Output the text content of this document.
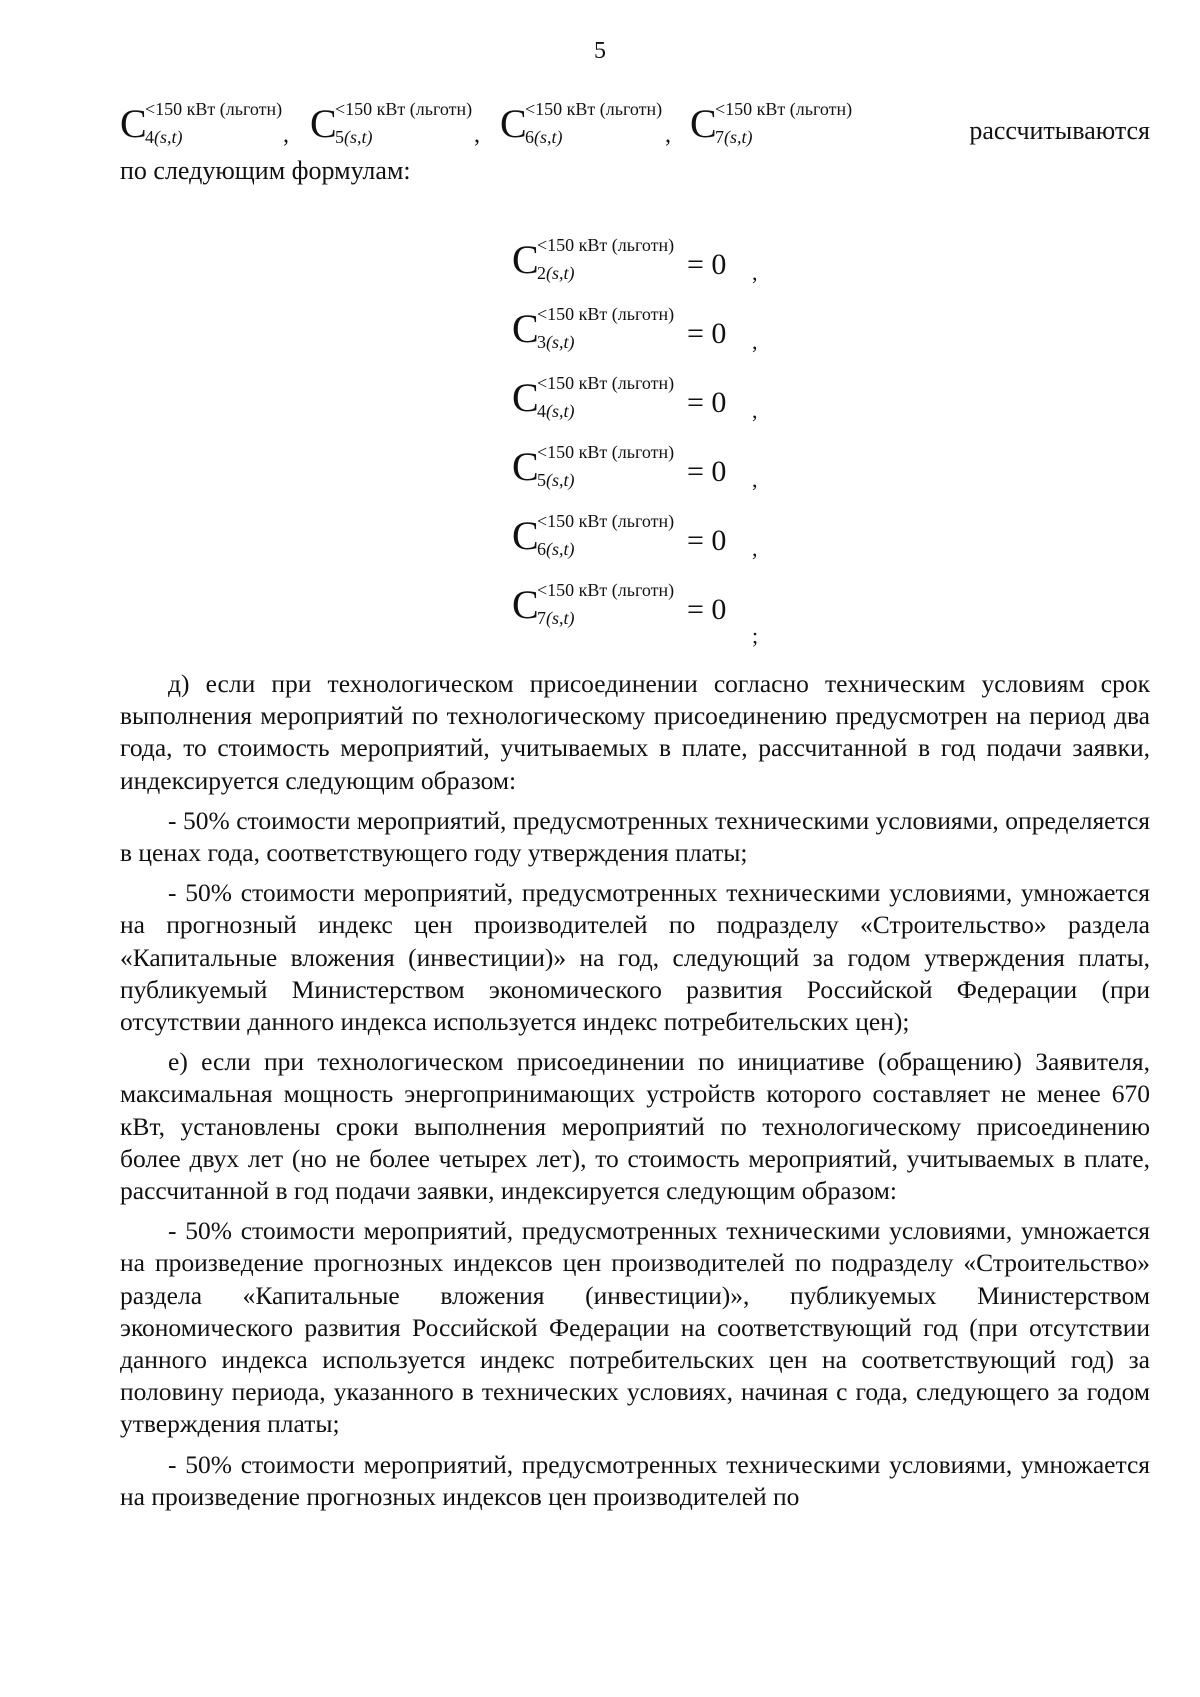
5
C
<150 кВт (льготн)
4(s,t)	, C
<150 кВт (льготн)
5(s,t)	, C
<150 кВт (льготн)
6(s,t)	, C
<150 кВт (льготн)
7(s,t)	рассчитываются
по следующим формулам:
C
<150 кВт (льготн)
2(s,t)	= 0 ,
C
<150 кВт (льготн)
3(s,t)	= 0 ,
C
<150 кВт (льготн)
4(s,t)	= 0 ,
C
<150 кВт (льготн)
5(s,t)	= 0 ,
C
<150 кВт (льготн)
6(s,t)	= 0 ,
C
<150 кВт (льготн)
7(s,t)	= 0
;

д) если при технологическом присоединении согласно техническим условиям срок выполнения мероприятий по технологическому присоединению предусмотрен на период два года, то стоимость мероприятий, учитываемых в плате, рассчитанной в год подачи заявки, индексируется следующим образом:

- 50% стоимости мероприятий, предусмотренных техническими условиями, определяется в ценах года, соответствующего году утверждения платы;

- 50% стоимости мероприятий, предусмотренных техническими условиями, умножается на прогнозный индекс цен производителей по подразделу «Строительство» раздела «Капитальные вложения (инвестиции)» на год, следующий за годом утверждения платы, публикуемый Министерством экономического развития Российской Федерации (при отсутствии данного индекса используется индекс потребительских цен);

е) если при технологическом присоединении по инициативе (обращению) Заявителя, максимальная мощность энергопринимающих устройств которого составляет не менее 670 кВт, установлены сроки выполнения мероприятий по технологическому присоединению более двух лет (но не более четырех лет), то стоимость мероприятий, учитываемых в плате, рассчитанной в год подачи заявки, индексируется следующим образом:

- 50% стоимости мероприятий, предусмотренных техническими условиями, умножается на произведение прогнозных индексов цен производителей по подразделу «Строительство» раздела «Капитальные вложения (инвестиции)», публикуемых Министерством экономического развития Российской Федерации на соответствующий год (при отсутствии данного индекса используется индекс потребительских цен на соответствующий год) за половину периода, указанного в технических условиях, начиная с года, следующего за годом утверждения платы;

- 50% стоимости мероприятий, предусмотренных техническими условиями, умножается на произведение прогнозных индексов цен производителей по
